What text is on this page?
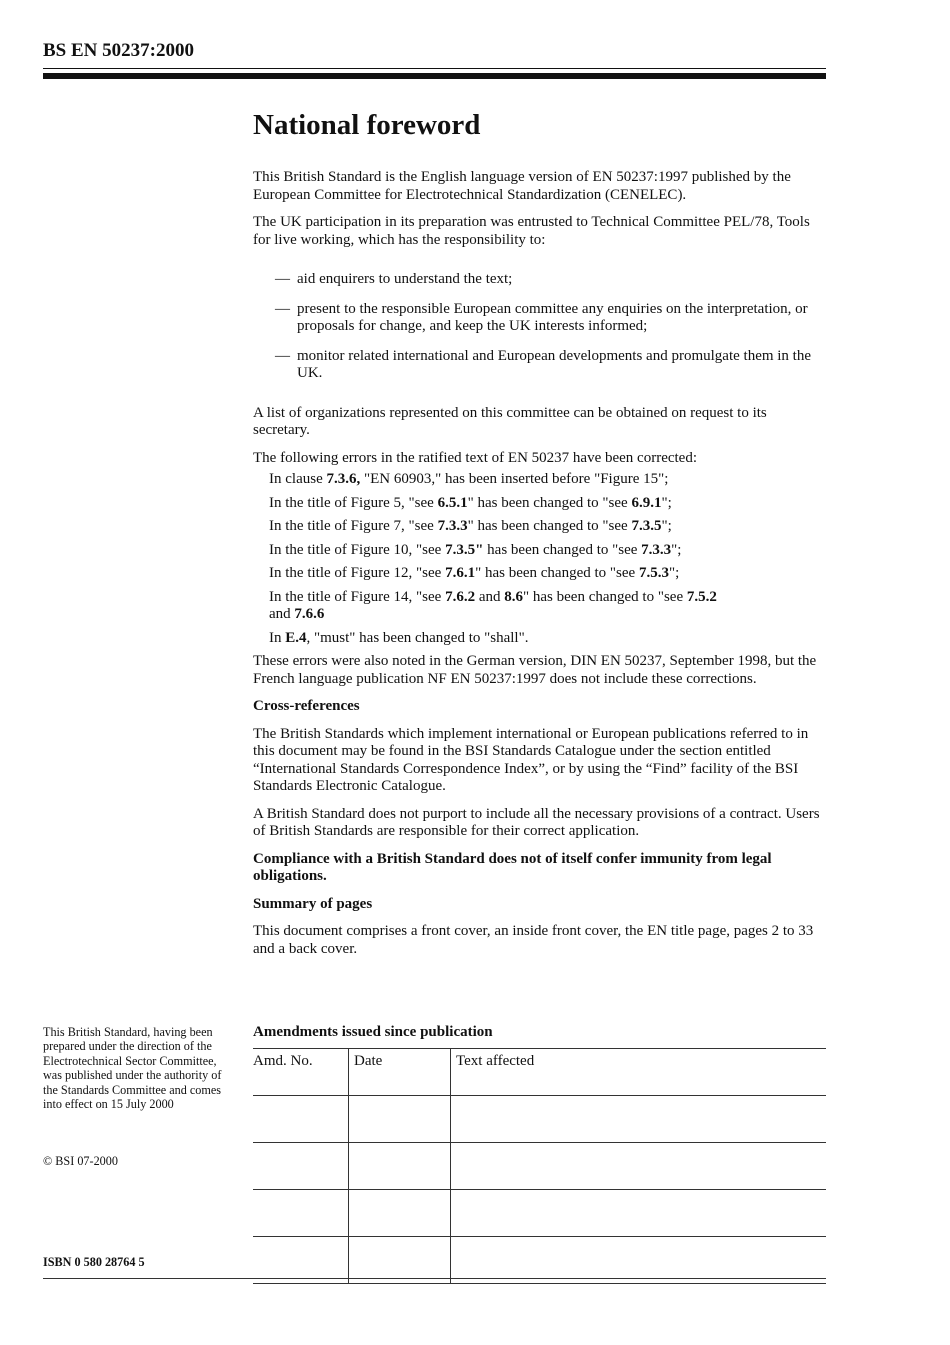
BS EN 50237:2000
National foreword

This British Standard is the English language version of EN 50237:1997 published by the European Committee for Electrotechnical Standardization (CENELEC).

The UK participation in its preparation was entrusted to Technical Committee PEL/78, Tools for live working, which has the responsibility to:

— aid enquirers to understand the text;
— present to the responsible European committee any enquiries on the interpretation, or proposals for change, and keep the UK interests informed;
— monitor related international and European developments and promulgate them in the UK.

A list of organizations represented on this committee can be obtained on request to its secretary.

The following errors in the ratified text of EN 50237 have been corrected:

In clause 7.3.6, "EN 60903," has been inserted before "Figure 15";
In the title of Figure 5, "see 6.5.1" has been changed to "see 6.9.1";
In the title of Figure 7, "see 7.3.3" has been changed to "see 7.3.5";
In the title of Figure 10, "see 7.3.5" has been changed to "see 7.3.3";
In the title of Figure 12, "see 7.6.1" has been changed to "see 7.5.3";
In the title of Figure 14, "see 7.6.2 and 8.6" has been changed to "see 7.5.2
and 7.6.6
In E.4, "must" has been changed to "shall".

These errors were also noted in the German version, DIN EN 50237, September 1998, but the French language publication NF EN 50237:1997 does not include these corrections.

Cross-references

The British Standards which implement international or European publications referred to in this document may be found in the BSI Standards Catalogue under the section entitled “International Standards Correspondence Index”, or by using the “Find” facility of the BSI Standards Electronic Catalogue.

A British Standard does not purport to include all the necessary provisions of a contract. Users of British Standards are responsible for their correct application.

Compliance with a British Standard does not of itself confer immunity from legal obligations.
Summary of pages

This document comprises a front cover, an inside front cover, the EN title page, pages 2 to 33 and a back cover.

This British Standard, having been prepared under the direction of the Electrotechnical Sector Committee, was published under the authority of the Standards Committee and comes into effect on 15 July 2000
© BSI 07-2000
ISBN 0 580 28764 5
Amendments issued since publication
Amd. No.	Date	Text affected
